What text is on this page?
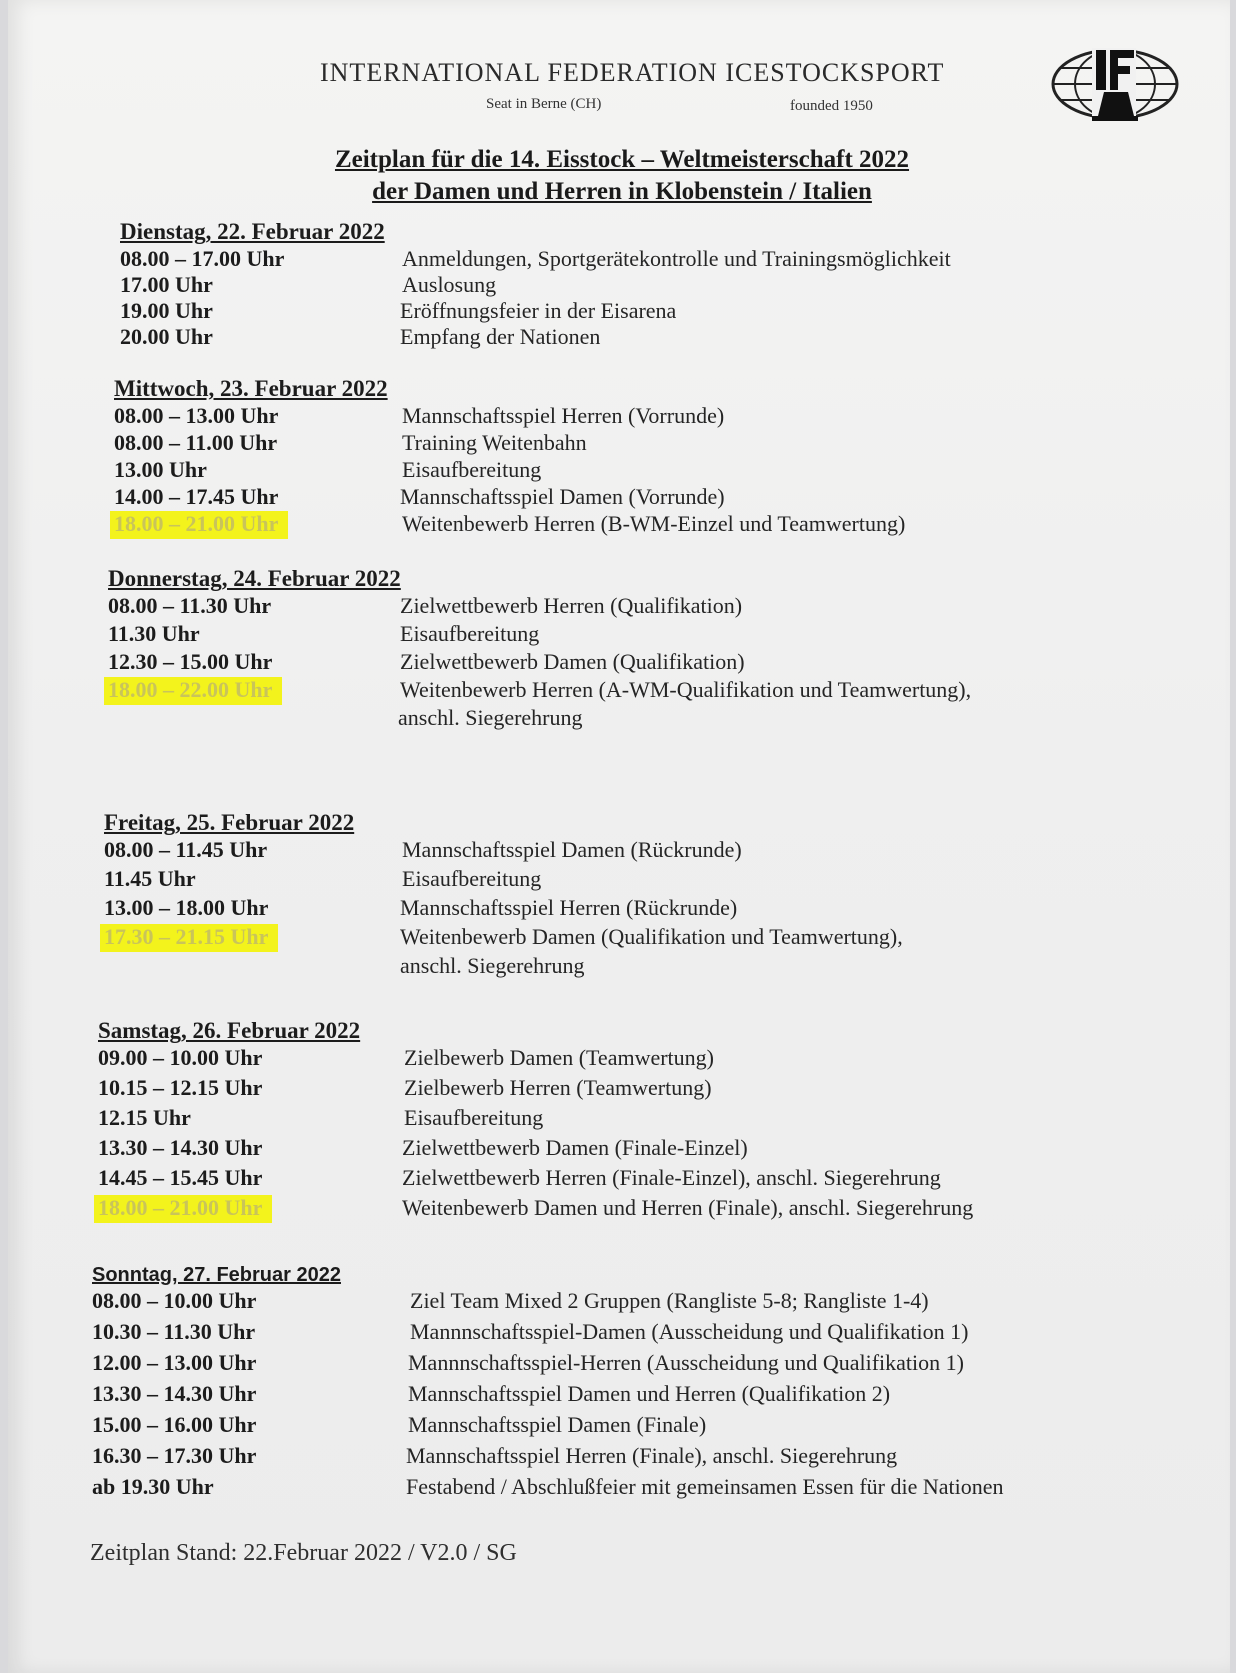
INTERNATIONAL FEDERATION ICESTOCKSPORT
Seat in Berne (CH)	founded 1950
Zeitplan für die 14. Eisstock – Weltmeisterschaft 2022
der Damen und Herren in Klobenstein / Italien
Dienstag, 22. Februar 2022
08.00 – 17.00 Uhr	Anmeldungen, Sportgerätekontrolle und Trainingsmöglichkeit
17.00 Uhr	Auslosung
19.00 Uhr	Eröffnungsfeier in der Eisarena
20.00 Uhr	Empfang der Nationen
Mittwoch, 23. Februar 2022
08.00 – 13.00 Uhr	Mannschaftsspiel Herren (Vorrunde)
08.00 – 11.00 Uhr	Training Weitenbahn
13.00 Uhr	Eisaufbereitung
14.00 – 17.45 Uhr	Mannschaftsspiel Damen (Vorrunde)
18.00 – 21.00 Uhr	Weitenbewerb Herren (B-WM-Einzel und Teamwertung)
Donnerstag, 24. Februar 2022
08.00 – 11.30 Uhr	Zielwettbewerb Herren (Qualifikation)
11.30 Uhr	Eisaufbereitung
12.30 – 15.00 Uhr	Zielwettbewerb Damen (Qualifikation)
18.00 – 22.00 Uhr	Weitenbewerb Herren (A-WM-Qualifikation und Teamwertung),
anschl. Siegerehrung
Freitag, 25. Februar 2022
08.00 – 11.45 Uhr	Mannschaftsspiel Damen (Rückrunde)
11.45 Uhr	Eisaufbereitung
13.00 – 18.00 Uhr	Mannschaftsspiel Herren (Rückrunde)
17.30 – 21.15 Uhr	Weitenbewerb Damen (Qualifikation und Teamwertung),
anschl. Siegerehrung
Samstag, 26. Februar 2022
09.00 – 10.00 Uhr	Zielbewerb Damen (Teamwertung)
10.15 – 12.15 Uhr	Zielbewerb Herren (Teamwertung)
12.15 Uhr	Eisaufbereitung
13.30 – 14.30 Uhr	Zielwettbewerb Damen (Finale-Einzel)
14.45 – 15.45 Uhr	Zielwettbewerb Herren (Finale-Einzel), anschl. Siegerehrung
18.00 – 21.00 Uhr	Weitenbewerb Damen und Herren (Finale), anschl. Siegerehrung
Sonntag, 27. Februar 2022
08.00 – 10.00 Uhr	Ziel Team Mixed 2 Gruppen (Rangliste 5-8; Rangliste 1-4)
10.30 – 11.30 Uhr	Mannnschaftsspiel-Damen (Ausscheidung und Qualifikation 1)
12.00 – 13.00 Uhr	Mannnschaftsspiel-Herren (Ausscheidung und Qualifikation 1)
13.30 – 14.30 Uhr	Mannschaftsspiel Damen und Herren (Qualifikation 2)
15.00 – 16.00 Uhr	Mannschaftsspiel Damen (Finale)
16.30 – 17.30 Uhr	Mannschaftsspiel Herren (Finale), anschl. Siegerehrung
ab 19.30 Uhr	Festabend / Abschlußfeier mit gemeinsamen Essen für die Nationen
Zeitplan Stand: 22.Februar 2022 / V2.0 / SG
